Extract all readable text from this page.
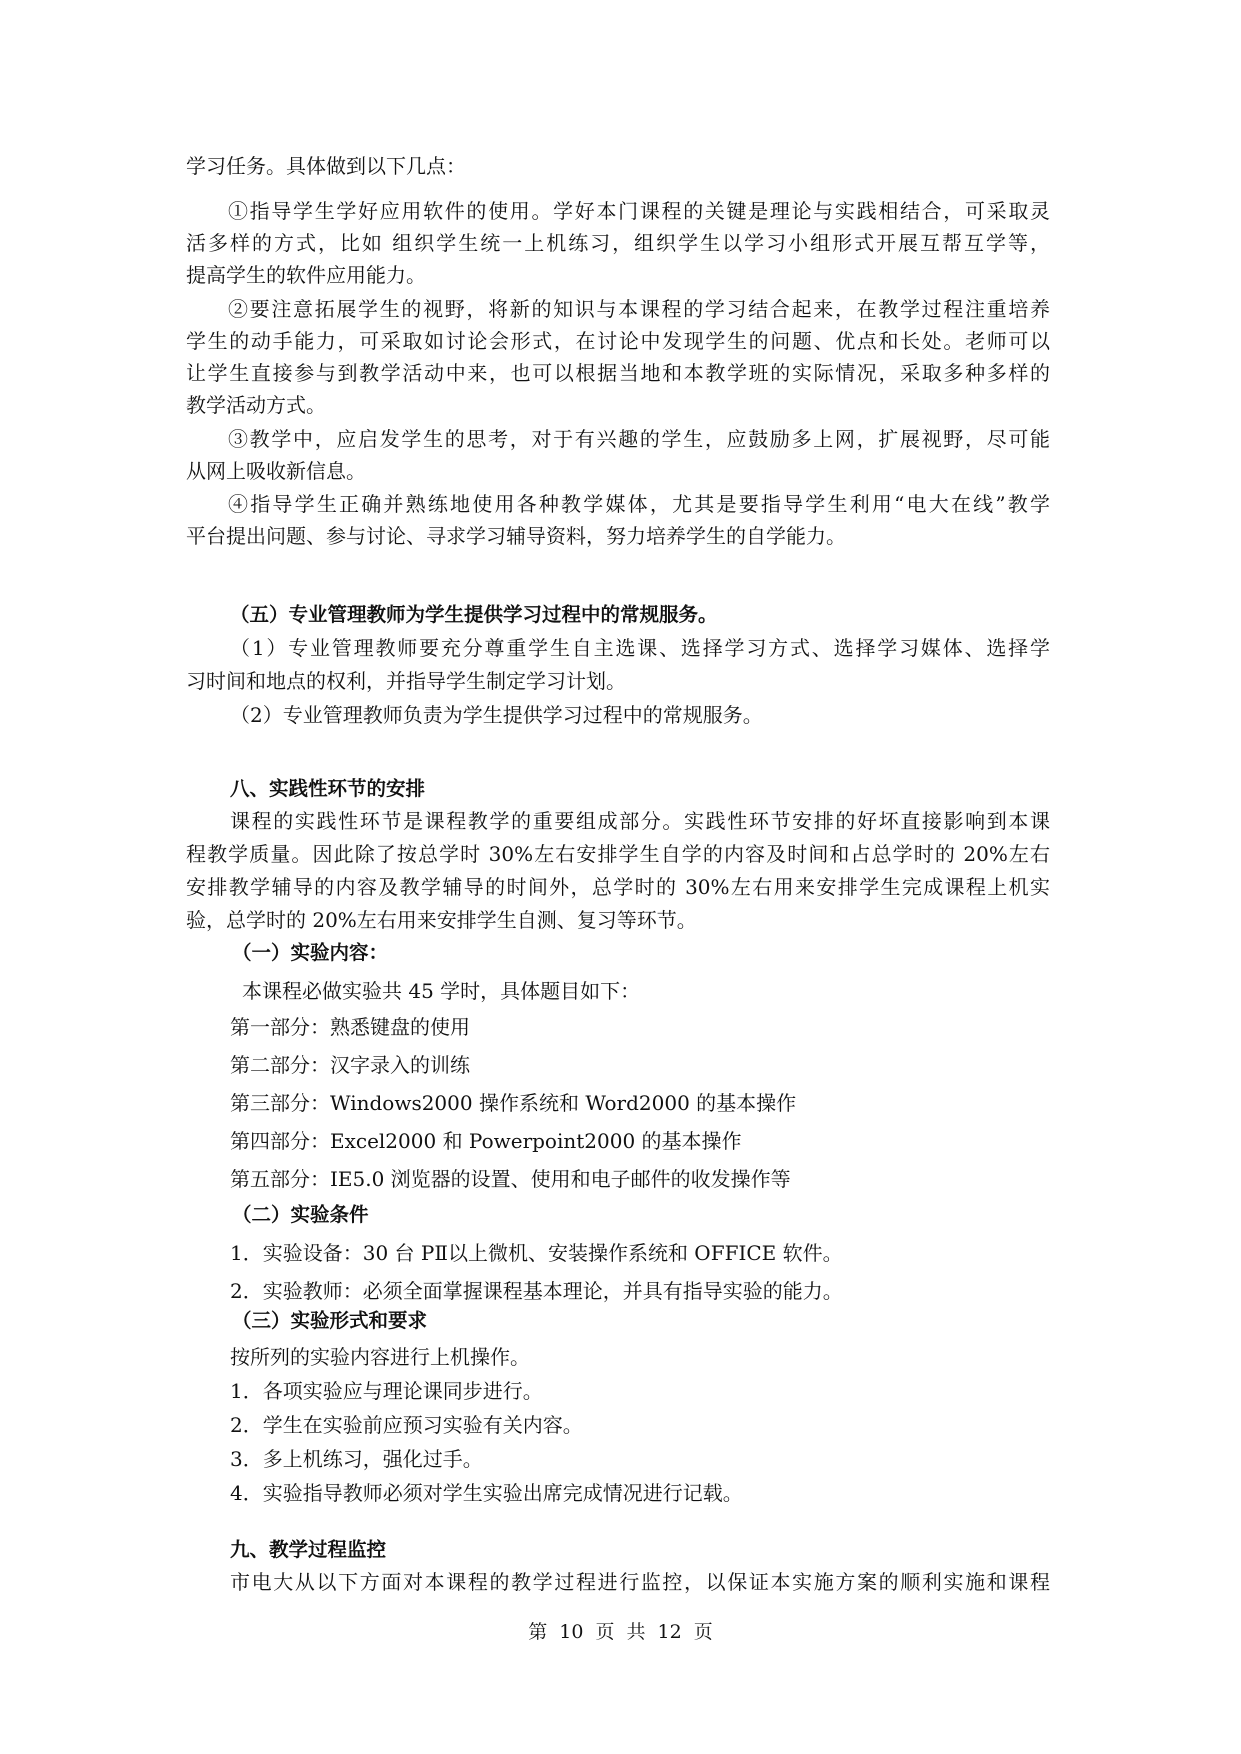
学习任务。具体做到以下几点：

①指导学生学好应用软件的使用。学好本门课程的关键是理论与实践相结合，可采取灵

活多样的方式，比如 组织学生统一上机练习，组织学生以学习小组形式开展互帮互学等，

提高学生的软件应用能力。

②要注意拓展学生的视野，将新的知识与本课程的学习结合起来，在教学过程注重培养

学生的动手能力，可采取如讨论会形式，在讨论中发现学生的问题、优点和长处。老师可以

让学生直接参与到教学活动中来，也可以根据当地和本教学班的实际情况，采取多种多样的

教学活动方式。

③教学中，应启发学生的思考，对于有兴趣的学生，应鼓励多上网，扩展视野，尽可能

从网上吸收新信息。

④指导学生正确并熟练地使用各种教学媒体，尤其是要指导学生利用“电大在线”教学

平台提出问题、参与讨论、寻求学习辅导资料，努力培养学生的自学能力。

（五）专业管理教师为学生提供学习过程中的常规服务。

（1）专业管理教师要充分尊重学生自主选课、选择学习方式、选择学习媒体、选择学

习时间和地点的权利，并指导学生制定学习计划。

（2）专业管理教师负责为学生提供学习过程中的常规服务。

八、实践性环节的安排

课程的实践性环节是课程教学的重要组成部分。实践性环节安排的好坏直接影响到本课

程教学质量。因此除了按总学时 30%左右安排学生自学的内容及时间和占总学时的 20%左右

安排教学辅导的内容及教学辅导的时间外，总学时的 30%左右用来安排学生完成课程上机实

验，总学时的 20%左右用来安排学生自测、复习等环节。

（一）实验内容：

本课程必做实验共 45 学时，具体题目如下：

第一部分：熟悉键盘的使用

第二部分：汉字录入的训练

第三部分：Windows2000 操作系统和 Word2000 的基本操作

第四部分：Excel2000 和 Powerpoint2000 的基本操作

第五部分：IE5.0 浏览器的设置、使用和电子邮件的收发操作等

（二）实验条件

1．实验设备：30 台 PⅡ以上微机、安装操作系统和 OFFICE 软件。

2．实验教师：必须全面掌握课程基本理论，并具有指导实验的能力。

（三）实验形式和要求

按所列的实验内容进行上机操作。

1．各项实验应与理论课同步进行。

2．学生在实验前应预习实验有关内容。

3．多上机练习，强化过手。

4．实验指导教师必须对学生实验出席完成情况进行记载。

九、教学过程监控

市电大从以下方面对本课程的教学过程进行监控，以保证本实施方案的顺利实施和课程

第 10 页 共 12 页
